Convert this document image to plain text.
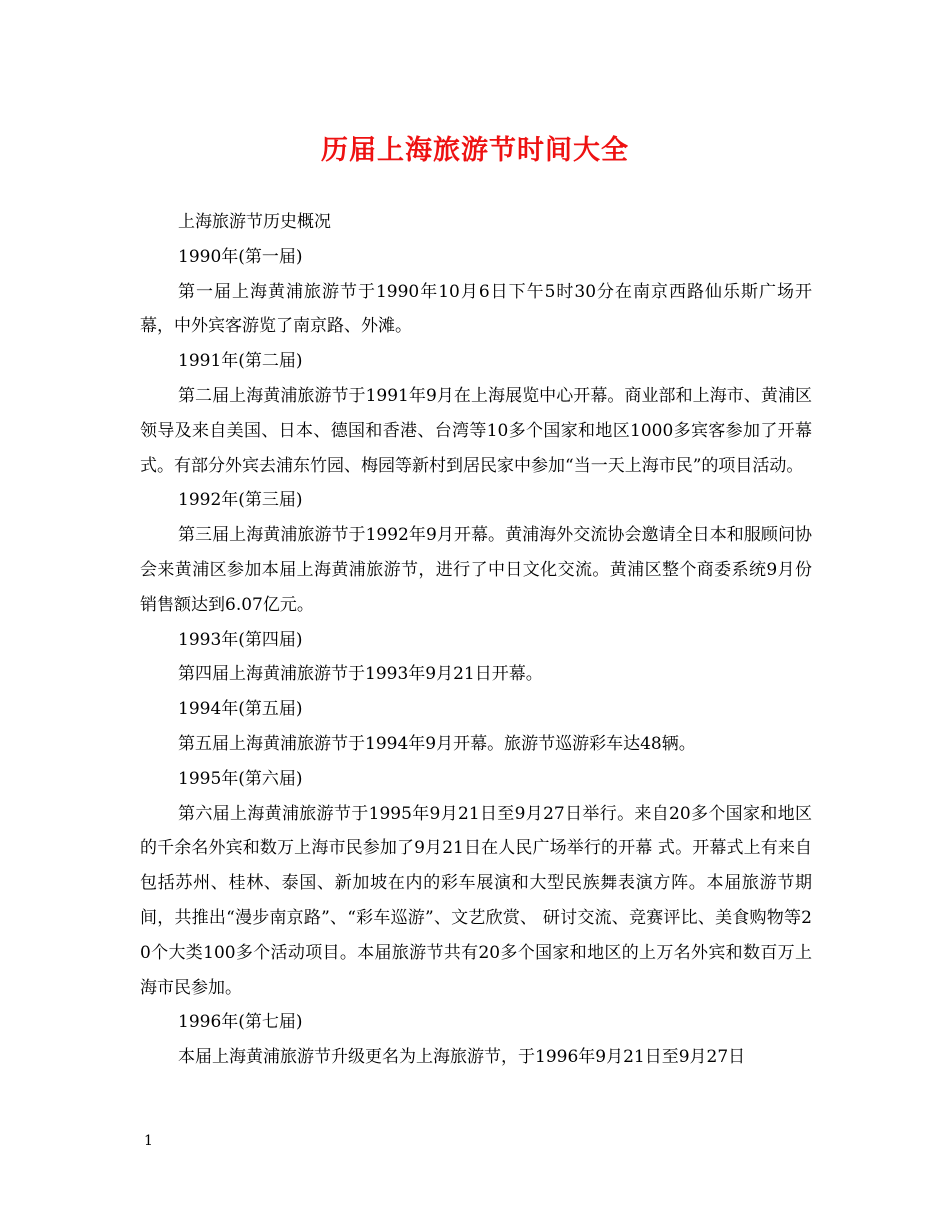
历届上海旅游节时间大全

上海旅游节历史概况

1990年(第一届)

第一届上海黄浦旅游节于1990年10月6日下午5时30分在南京西路仙乐斯广场开幕，中外宾客游览了南京路、外滩。

1991年(第二届)

第二届上海黄浦旅游节于1991年9月在上海展览中心开幕。商业部和上海市、黄浦区领导及来自美国、日本、德国和香港、台湾等10多个国家和地区1000多宾客参加了开幕式。有部分外宾去浦东竹园、梅园等新村到居民家中参加“当一天上海市民”的项目活动。

1992年(第三届)

第三届上海黄浦旅游节于1992年9月开幕。黄浦海外交流协会邀请全日本和服顾问协会来黄浦区参加本届上海黄浦旅游节，进行了中日文化交流。黄浦区整个商委系统9月份销售额达到6.07亿元。

1993年(第四届)

第四届上海黄浦旅游节于1993年9月21日开幕。

1994年(第五届)

第五届上海黄浦旅游节于1994年9月开幕。旅游节巡游彩车达48辆。

1995年(第六届)

第六届上海黄浦旅游节于1995年9月21日至9月27日举行。来自20多个国家和地区的千余名外宾和数万上海市民参加了9月21日在人民广场举行的开幕 式。开幕式上有来自包括苏州、桂林、泰国、新加坡在内的彩车展演和大型民族舞表演方阵。本届旅游节期间，共推出“漫步南京路”、“彩车巡游”、文艺欣赏、 研讨交流、竞赛评比、美食购物等20个大类100多个活动项目。本届旅游节共有20多个国家和地区的上万名外宾和数百万上海市民参加。

1996年(第七届)

本届上海黄浦旅游节升级更名为上海旅游节，于1996年9月21日至9月27日

1
